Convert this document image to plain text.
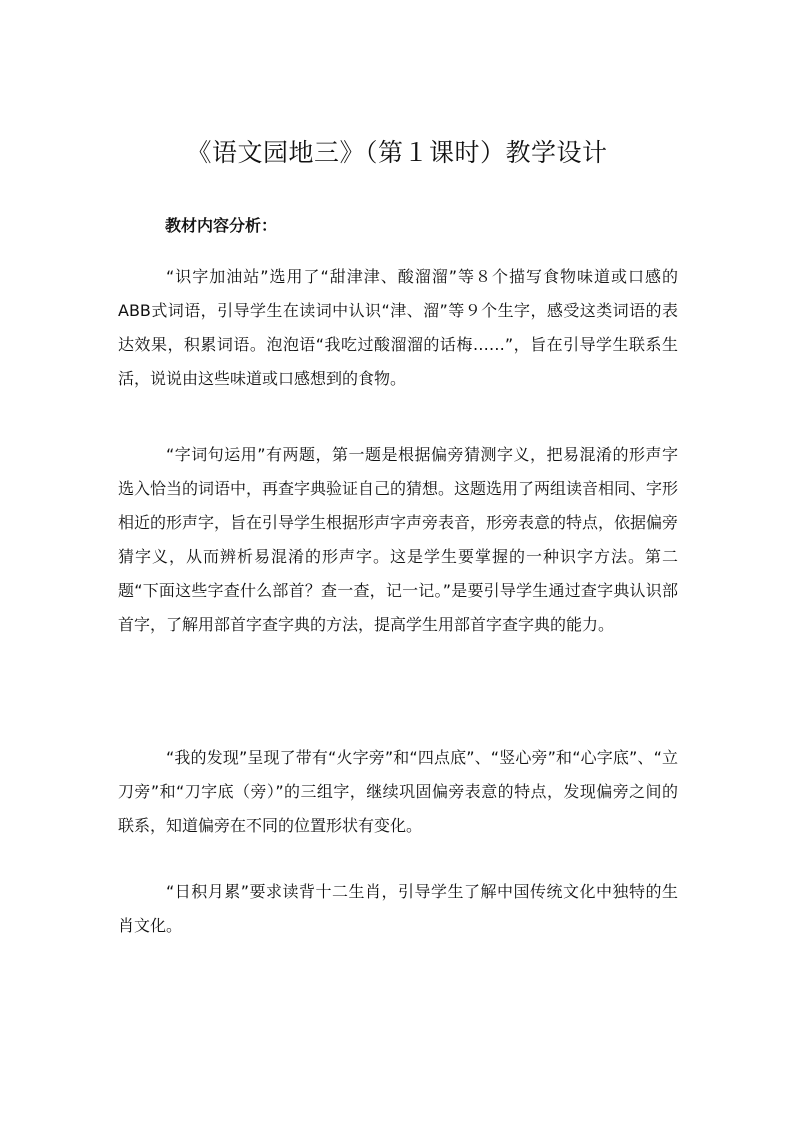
《语文园地三》（第１课时）教学设计
教材内容分析：

“识字加油站”选用了“甜津津、酸溜溜”等８个描写食物味道或口感的ABB式词语，引导学生在读词中认识“津、溜”等９个生字，感受这类词语的表达效果，积累词语。泡泡语“我吃过酸溜溜的话梅……”，旨在引导学生联系生活，说说由这些味道或口感想到的食物。

“字词句运用”有两题，第一题是根据偏旁猜测字义，把易混淆的形声字选入恰当的词语中，再查字典验证自己的猜想。这题选用了两组读音相同、字形相近的形声字，旨在引导学生根据形声字声旁表音，形旁表意的特点，依据偏旁猜字义，从而辨析易混淆的形声字。这是学生要掌握的一种识字方法。第二题“下面这些字查什么部首？查一查，记一记。”是要引导学生通过查字典认识部首字，了解用部首字查字典的方法，提高学生用部首字查字典的能力。

“我的发现”呈现了带有“火字旁”和“四点底”、“竖心旁”和“心字底”、“立刀旁”和“刀字底（旁）”的三组字，继续巩固偏旁表意的特点，发现偏旁之间的联系，知道偏旁在不同的位置形状有变化。

“日积月累”要求读背十二生肖，引导学生了解中国传统文化中独特的生肖文化。
